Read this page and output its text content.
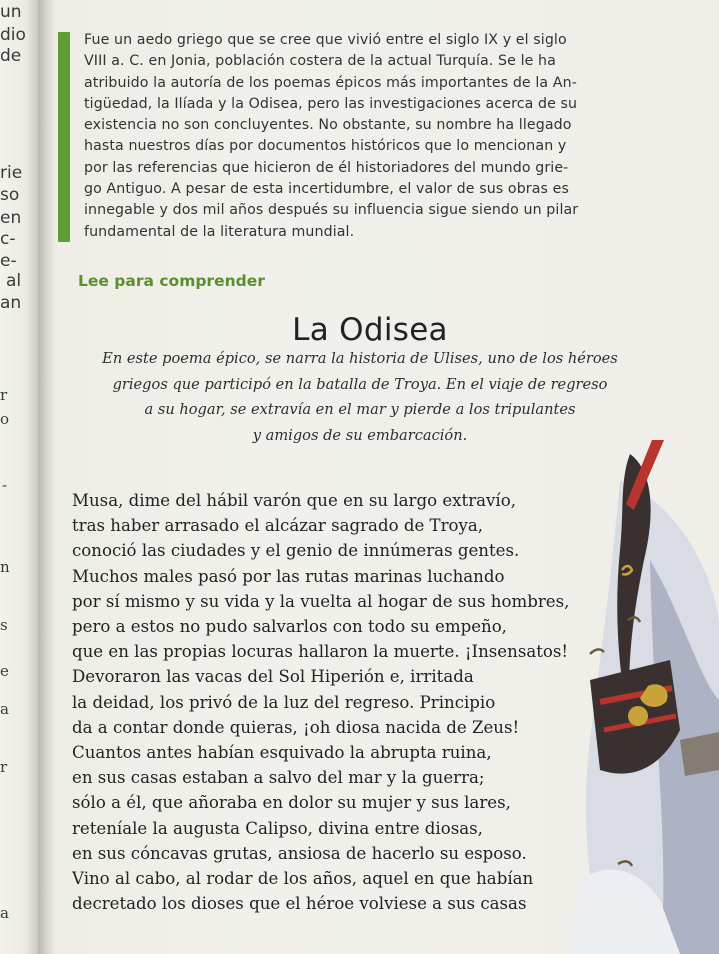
un
dio
de
rie
so
en
c-
e-
al
an
r
o
-
n
s
e
a
r
a
Fue un aedo griego que se cree que vivió entre el siglo IX y el siglo
VIII a. C. en Jonia, población costera de la actual Turquía. Se le ha
atribuido la autoría de los poemas épicos más importantes de la An-
tigüedad, la Ilíada y la Odisea, pero las investigaciones acerca de su
existencia no son concluyentes. No obstante, su nombre ha llegado
hasta nuestros días por documentos históricos que lo mencionan y
por las referencias que hicieron de él historiadores del mundo grie-
go Antiguo. A pesar de esta incertidumbre, el valor de sus obras es
innegable y dos mil años después su influencia sigue siendo un pilar
fundamental de la literatura mundial.
Lee para comprender
La Odisea
En este poema épico, se narra la historia de Ulises, uno de los héroes
griegos que participó en la batalla de Troya. En el viaje de regreso
a su hogar, se extravía en el mar y pierde a los tripulantes
y amigos de su embarcación.
Musa, dime del hábil varón que en su largo extravío,
tras haber arrasado el alcázar sagrado de Troya,
conoció las ciudades y el genio de innúmeras gentes.
Muchos males pasó por las rutas marinas luchando
por sí mismo y su vida y la vuelta al hogar de sus hombres,
pero a estos no pudo salvarlos con todo su empeño,
que en las propias locuras hallaron la muerte. ¡Insensatos!
Devoraron las vacas del Sol Hiperión e, irritada
la deidad, los privó de la luz del regreso. Principio
da a contar donde quieras, ¡oh diosa nacida de Zeus!
Cuantos antes habían esquivado la abrupta ruina,
en sus casas estaban a salvo del mar y la guerra;
sólo a él, que añoraba en dolor su mujer y sus lares,
reteníale la augusta Calipso, divina entre diosas,
en sus cóncavas grutas, ansiosa de hacerlo su esposo.
Vino al cabo, al rodar de los años, aquel en que habían
decretado los dioses que el héroe volviese a sus casas
